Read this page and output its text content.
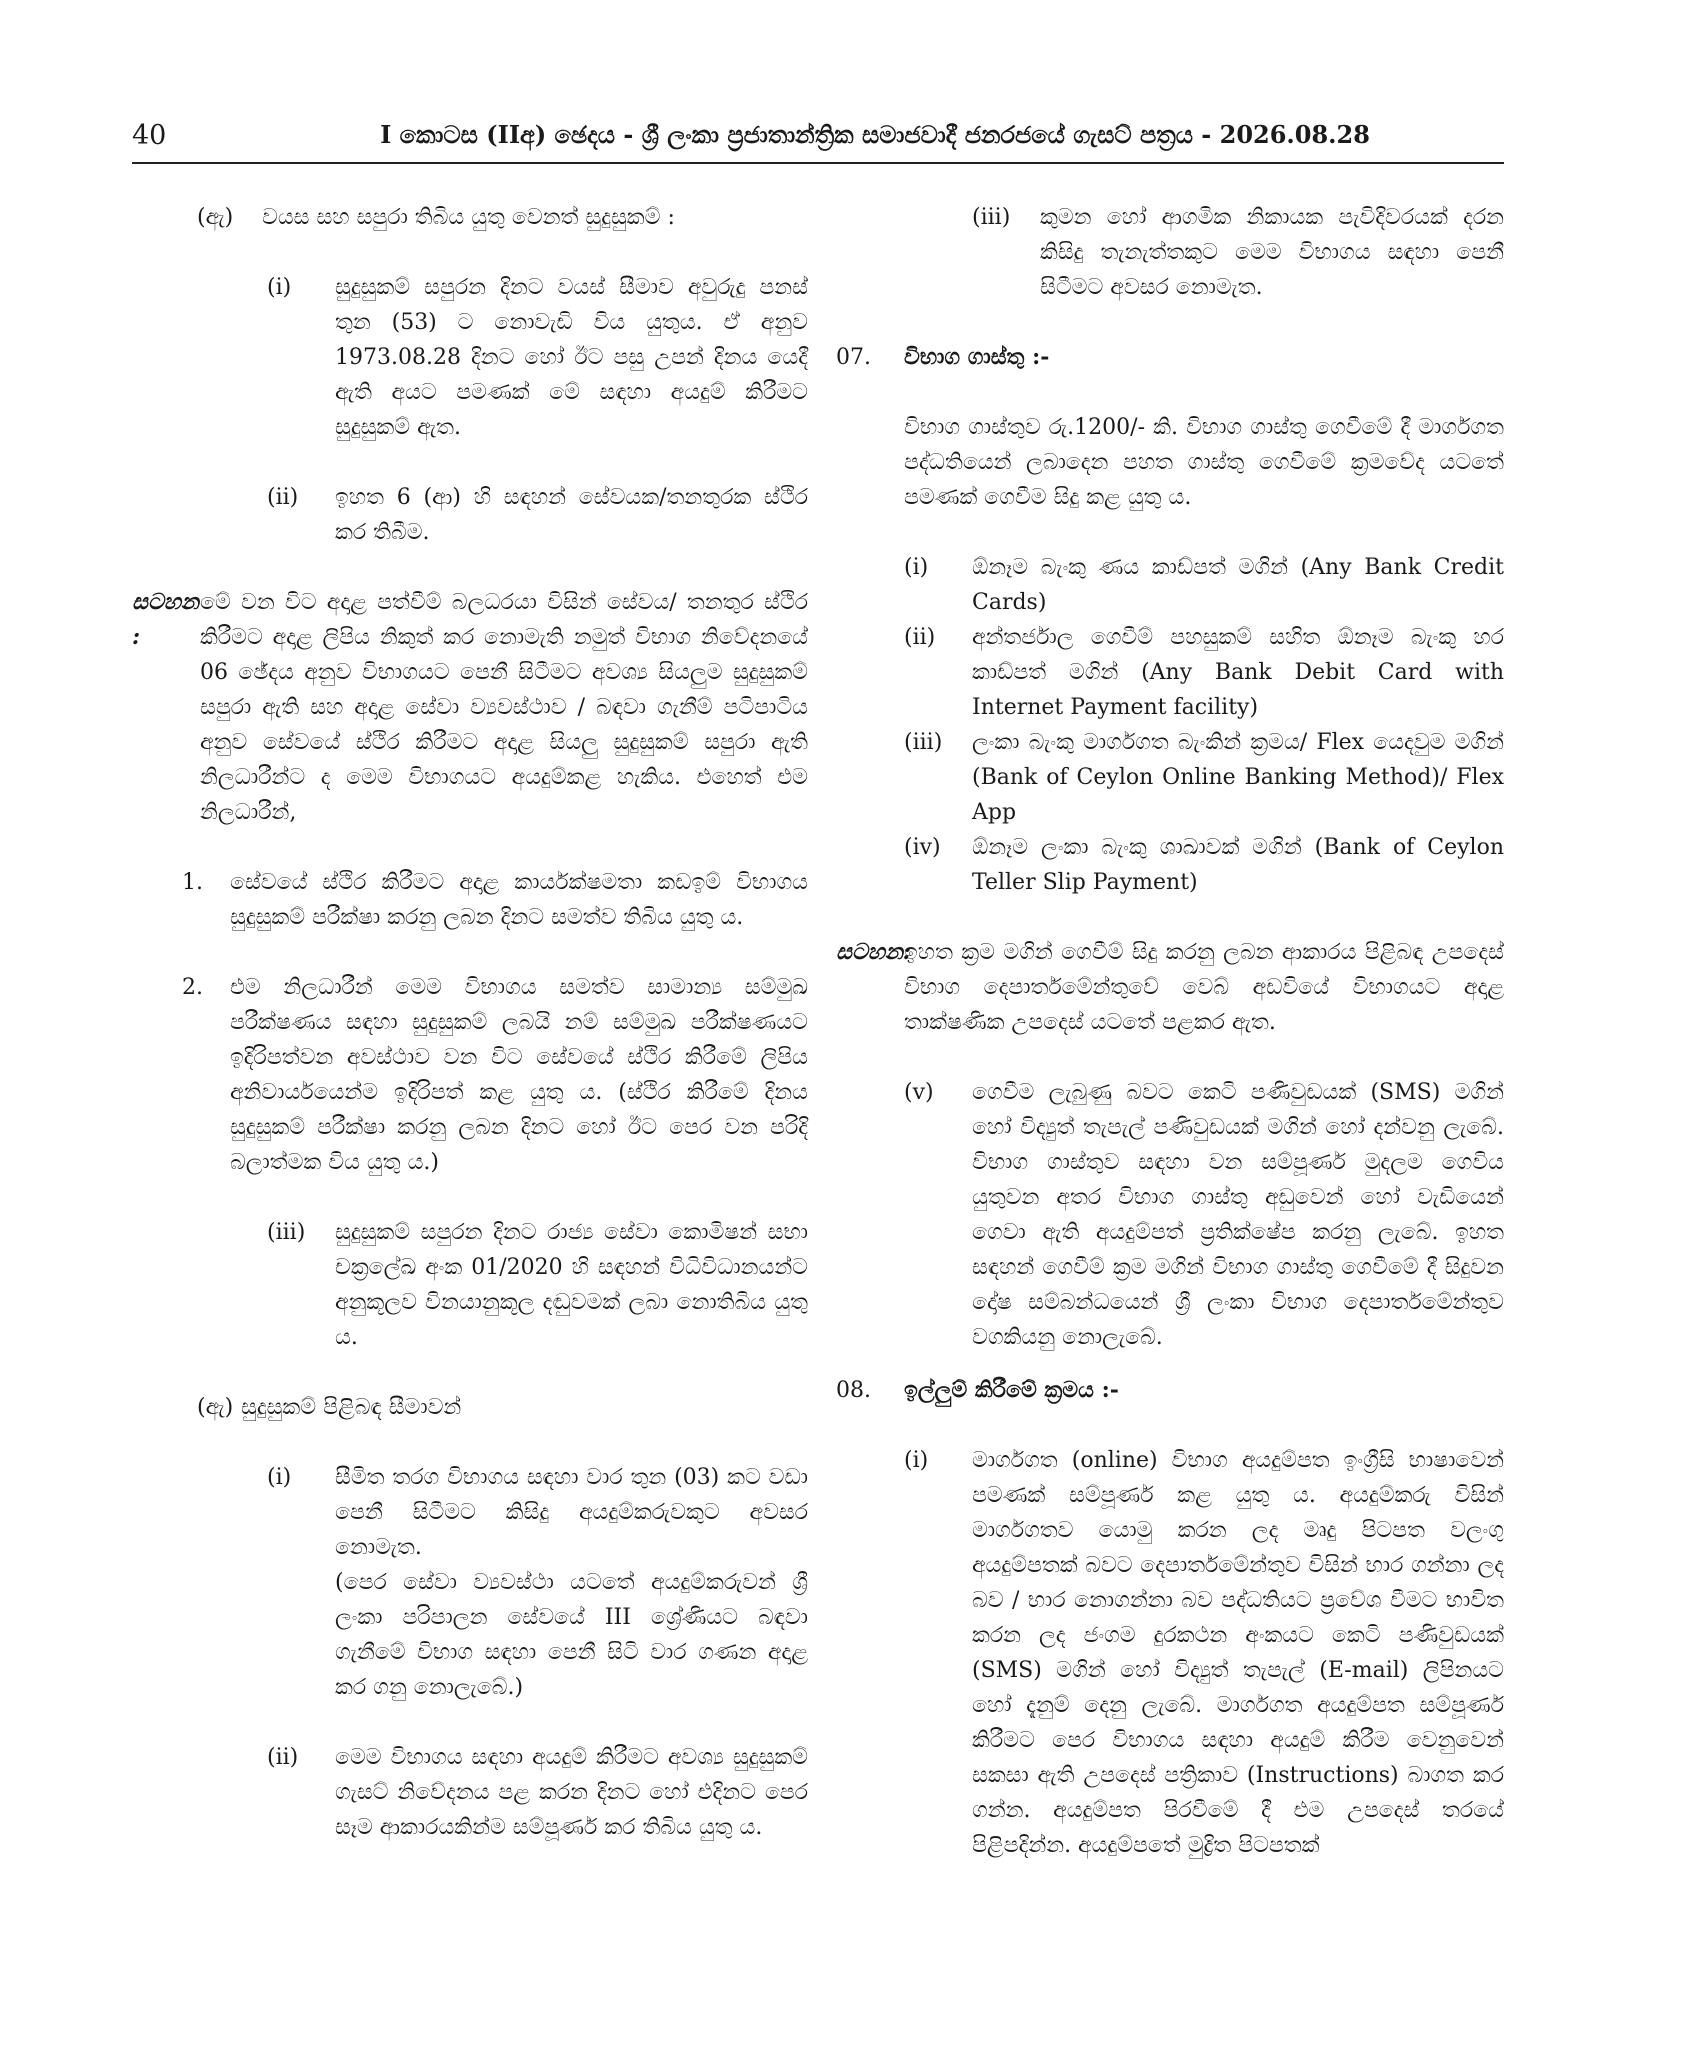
40	I කොටස (IIඅ) ඡෙදය - ශ්‍රී ලංකා ප්‍රජාතාන්ත්‍රික සමාජවාදී ජනරජයේ ගැසට් පත්‍රය - 2026.08.28
(ඇ)	වයස සහ සපුරා තිබිය යුතු වෙනත් සුදුසුකම් :
(i)	සුදුසුකම් සපුරන දිනට වයස් සීමාව අවුරුදු පනස් තුන (53) ට නොවැඩි විය යුතුය. ඒ අනුව 1973.08.28 දිනට හෝ ඊට පසු උපන් දිනය යෙදී ඇති අයට පමණක් මේ සඳහා අයදුම් කිරීමට සුදුසුකම් ඇත.
(ii)	ඉහත 6 (ආ) හි සඳහන් සේවයක/තනතුරක ස්ථිර කර තිබීම.
සටහන :
මේ වන විට අදාළ පත්වීම් බලධරයා විසින් සේවය/ තනතුර ස්ථිර කිරීමට අදාළ ලිපිය නිකුත් කර නොමැති නමුත් විභාග නිවේදනයේ 06 ඡේදය අනුව විභාගයට පෙනී සිටීමට අවශ්‍ය සියලුම සුදුසුකම් සපුරා ඇති සහ අදාළ සේවා ව්‍යවස්ථාව / බඳවා ගැනීම් පටිපාටිය අනුව සේවයේ ස්ථිර කිරීමට අදාළ සියලු සුදුසුකම් සපුරා ඇති නිලධාරීන්ට ද මෙම විභාගයට අයදුම්කළ හැකිය. එහෙත් එම නිලධාරීන්,
1.	සේවයේ ස්ථිර කිරීමට අදාළ කාර්යක්ෂමතා කඩඉම් විභාගය සුදුසුකම් පරීක්ෂා කරනු ලබන දිනට සමත්ව තිබිය යුතු ය.
2.	එම නිලධාරීන් මෙම විභාගය සමත්ව සාමාන්‍ය සම්මුඛ පරීක්ෂණය සඳහා සුදුසුකම් ලබයි නම් සම්මුඛ පරීක්ෂණයට ඉදිරිපත්වන අවස්ථාව වන විට සේවයේ ස්ථිර කිරීමේ ලිපිය අනිවාර්යයෙන්ම ඉදිරිපත් කළ යුතු ය. (ස්ථිර කිරීමේ දිනය සුදුසුකම් පරීක්ෂා කරනු ලබන දිනට හෝ ඊට පෙර වන පරිදි බලාත්මක විය යුතු ය.)
(iii)	සුදුසුකම් සපුරන දිනට රාජ්‍ය සේවා කොමිෂන් සභා චක්‍රලේඛ අංක 01/2020 හි සඳහන් විධිවිධානයන්ට අනුකූලව විනයානුකූල දඬුවමක් ලබා නොතිබිය යුතු ය.
(ඇ) සුදුසුකම් පිළිබඳ සීමාවන්
(i)	සීමිත තරග විභාගය සඳහා වාර තුන (03) කට වඩා පෙනී සිටීමට කිසිදු අයදුම්කරුවකුට අවසර නොමැත.
(පෙර සේවා ව්‍යවස්ථා යටතේ අයදුම්කරුවන් ශ්‍රී ලංකා පරිපාලන සේවයේ III ශ්‍රේණියට බඳවා ගැනීමේ විභාග සඳහා පෙනී සිටි වාර ගණන අදාළ කර ගනු නොලැබේ.)
(ii)	මෙම විභාගය සඳහා අයදුම් කිරීමට අවශ්‍ය සුදුසුකම් ගැසට් නිවේදනය පළ කරන දිනට හෝ එදිනට පෙර සෑම ආකාරයකින්ම සම්පූර්ණ කර තිබිය යුතු ය.
(iii)	කුමන හෝ ආගමික නිකායක පැවිදිවරයක් දරන කිසිදු තැනැත්තකුට මෙම විභාගය සඳහා පෙනී සිටීමට අවසර නොමැත.
07.	විභාග ගාස්තු :-

විභාග ගාස්තුව රු.1200/- කි. විභාග ගාස්තු ගෙවීමේ දී මාර්ගගත පද්ධතියෙන් ලබාදෙන පහත ගාස්තු ගෙවීමේ ක්‍රමවේද යටතේ පමණක් ගෙවීම සිදු කළ යුතු ය.

(i)	ඕනෑම බැංකු ණය කාඩ්පත් මගින් (Any Bank Credit Cards)
(ii)	අන්තර්ජාල ගෙවීම් පහසුකම් සහිත ඕනෑම බැංකු හර කාඩ්පත් මගින් (Any Bank Debit Card with Internet Payment facility)
(iii)	ලංකා බැංකු මාර්ගගත බැංකින් ක්‍රමය/ Flex යෙදවුම මගින් (Bank of Ceylon Online Banking Method)/ Flex App
(iv)	ඕනෑම ලංකා බැංකු ශාඛාවක් මගින් (Bank of Ceylon Teller Slip Payment)
සටහන:
ඉහත ක්‍රම මගින් ගෙවීම් සිදු කරනු ලබන ආකාරය පිළිබඳ උපදෙස් විභාග දෙපාර්තමේන්තුවේ වෙබ් අඩවියේ විභාගයට අදාළ තාක්ෂණික උපදෙස් යටතේ පළකර ඇත.
(v)	ගෙවීම ලැබුණු බවට කෙටි පණිවුඩයක් (SMS) මගින් හෝ විද්‍යුත් තැපැල් පණිවුඩයක් මගින් හෝ දන්වනු ලැබේ. විභාග ගාස්තුව සඳහා වන සම්පූර්ණ මුදලම ගෙවිය යුතුවන අතර විභාග ගාස්තු අඩුවෙන් හෝ වැඩියෙන් ගෙවා ඇති අයදුම්පත් ප්‍රතික්ෂේප කරනු ලැබේ. ඉහත සඳහන් ගෙවීම් ක්‍රම මගින් විභාග ගාස්තු ගෙවීමේ දී සිදුවන දෝෂ සම්බන්ධයෙන් ශ්‍රී ලංකා විභාග දෙපාර්තමේන්තුව වගකියනු නොලැබේ.
08.	ඉල්ලුම් කිරීමේ ක්‍රමය :-
(i)	මාර්ගගත (online) විභාග අයදුම්පත ඉංග්‍රීසි භාෂාවෙන් පමණක් සම්පූර්ණ කළ යුතු ය. අයදුම්කරු විසින් මාර්ගගතව යොමු කරන ලද මෘදු පිටපත වලංගු අයදුම්පතක් බවට දෙපාර්තමේන්තුව විසින් භාර ගන්නා ලද බව / භාර නොගන්නා බව පද්ධතියට ප්‍රවේශ වීමට භාවිත කරන ලද ජංගම දුරකථන අංකයට කෙටි පණිවුඩයක් (SMS) මගින් හෝ විද්‍යුත් තැපැල් (E-mail) ලිපිනයට හෝ දැනුම් දෙනු ලැබේ. මාර්ගගත අයදුම්පත සම්පූර්ණ කිරීමට පෙර විභාගය සඳහා අයදුම් කිරීම වෙනුවෙන් සකසා ඇති උපදෙස් පත්‍රිකාව (Instructions) බාගත කර ගන්න. අයදුම්පත පිරවීමේ දී එම උපදෙස් තරයේ පිළිපදින්න. අයදුම්පතේ මුද්‍රිත පිටපතක්
